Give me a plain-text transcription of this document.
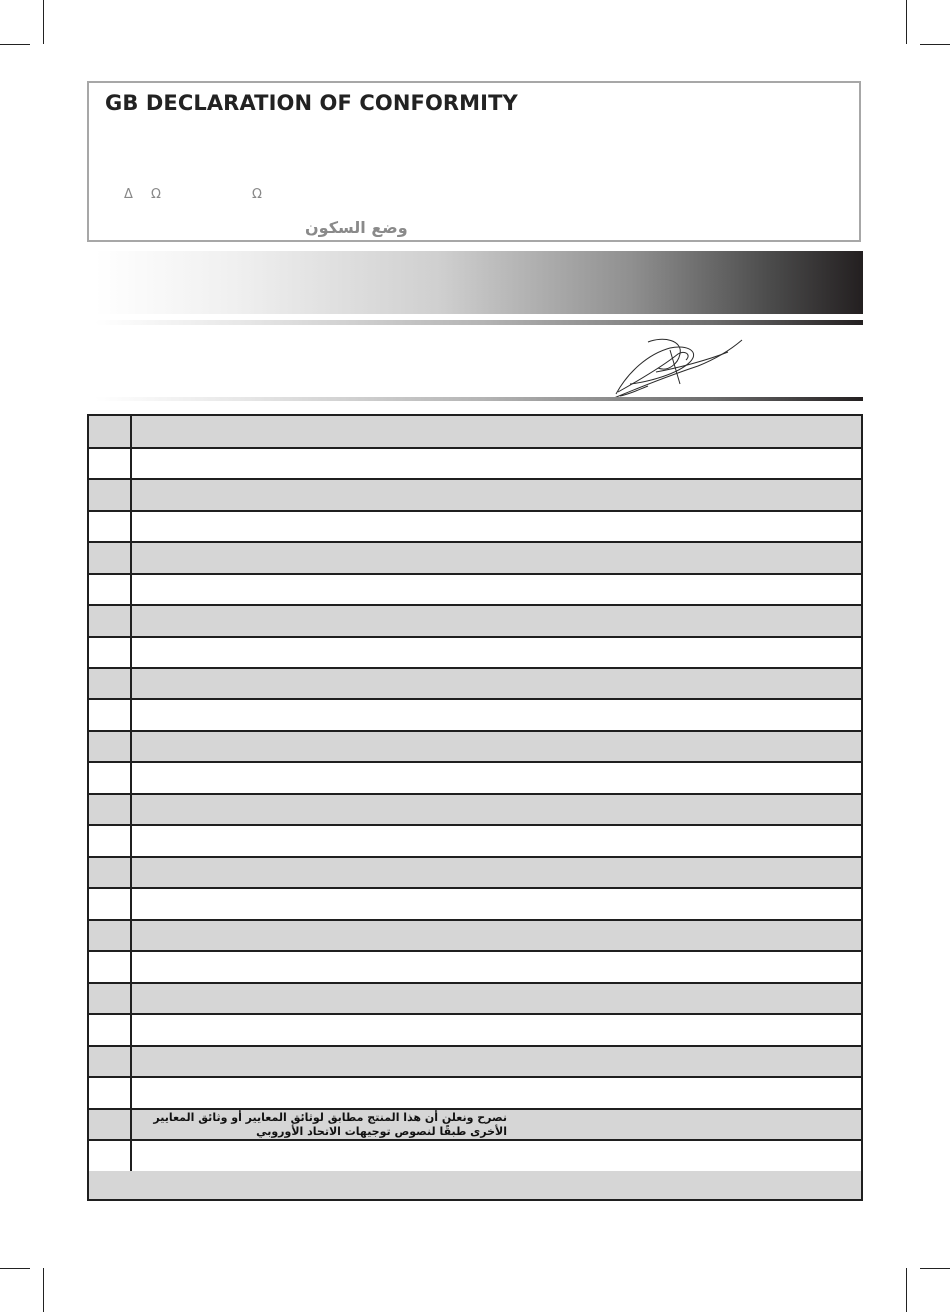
GB DECLARATION OF CONFORMITY
Δ Ω	Ω
وضع السكون
نصرح ونعلن أن هذا المنتج مطابق لوثائق المعايير أو وثائق المعايير الأخرى طبقًا لنصوص توجيهات الاتحاد الأوروبي
